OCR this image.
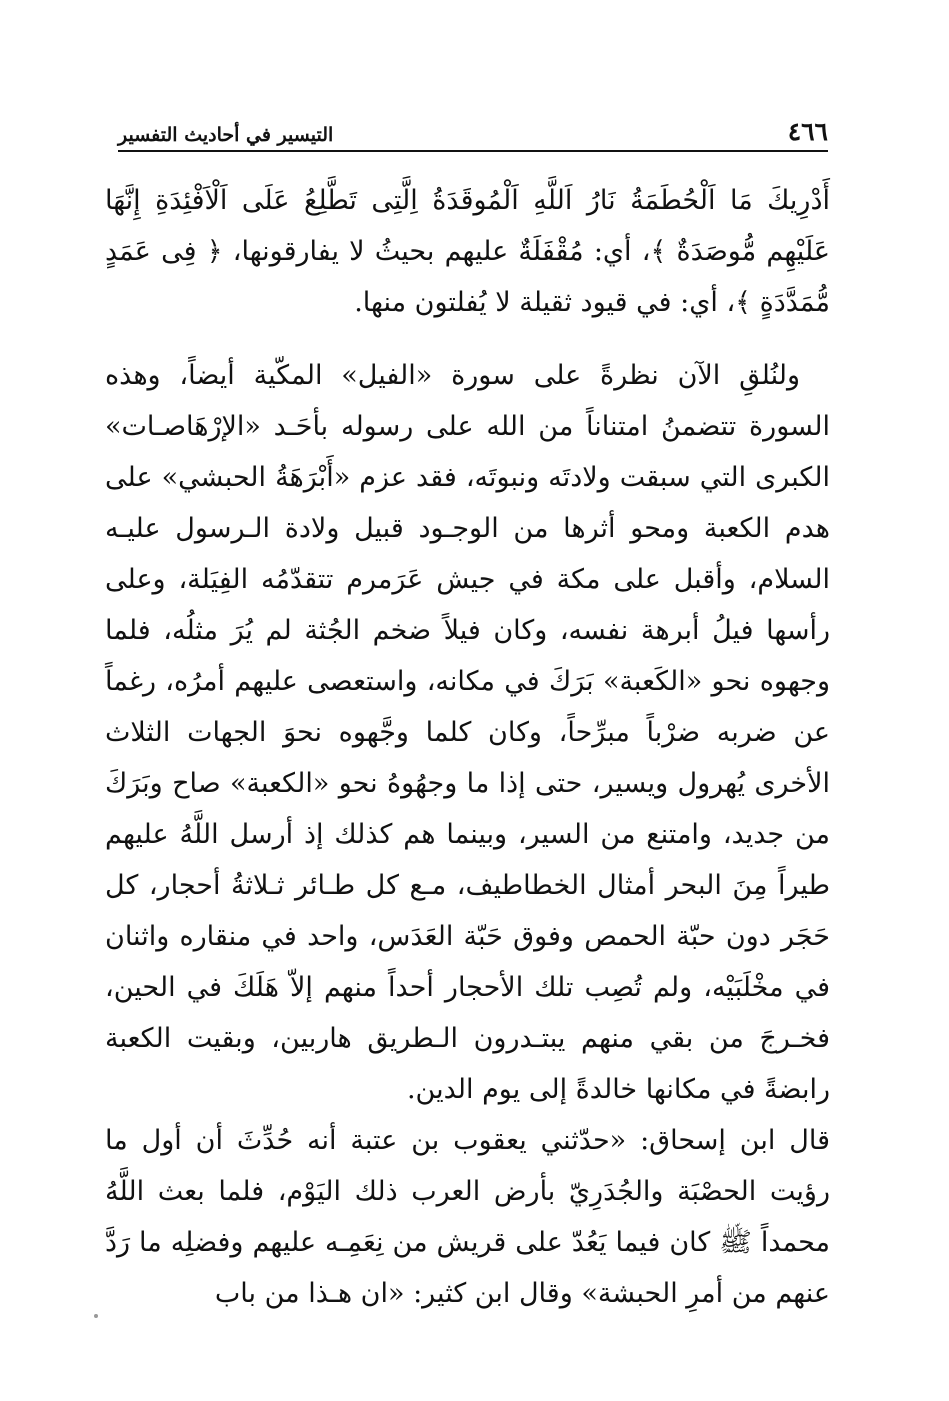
٤٦٦
التيسير في أحاديث التفسير

أَدْرِيكَ مَا اَلْحُطَمَةُ نَارُ اَللَّهِ اَلْمُوقَدَةُ اِلَّتِى تَطَّلِعُ عَلَى اَلْاَفْئِدَةِ إِنَّهَا عَلَيْهِم مُّوصَدَةٌ ﴾، أي: مُقْفَلَةٌ عليهم بحيثُ لا يفارقونها، ﴿ فِى عَمَدٍ مُّمَدَّدَةٍ ﴾، أي: في قيود ثقيلة لا يُفلتون منها.

ولنُلقِ الآن نظرةً على سورة «الفيل» المكّية أيضاً، وهذه السورة تتضمنُ امتناناً من الله على رسوله بأحَـد «الإرْهَاصـات» الكبرى التي سبقت ولادتَه ونبوتَه، فقد عزم «أَبْرَهَةُ الحبشي» على هدم الكعبة ومحو أثرها من الوجـود قبيل ولادة الـرسول عليـه السلام، وأقبل على مكة في جيش عَرَمرم تتقدّمُه الفِيَلة، وعلى رأسها فيلُ أبرهة نفسه، وكان فيلاً ضخم الجُثة لم يُرَ مثلُه، فلما وجهوه نحو «الكَعبة» بَرَكَ في مكانه، واستعصى عليهم أمرُه، رغماً عن ضربه ضرْباً مبرِّحاً، وكان كلما وجَّهوه نحوَ الجهات الثلاث الأخرى يُهرول ويسير، حتى إذا ما وجهُوهُ نحو «الكعبة» صاح وبَرَكَ من جديد، وامتنع من السير، وبينما هم كذلك إذ أرسل اللَّهُ عليهم طيراً مِنَ البحر أمثال الخطاطيف، مـع كل طـائر ثـلاثةُ أحجار، كل حَجَر دون حبّة الحمص وفوق حَبّة العَدَس، واحد في منقاره واثنان في مخْلَبَيْه، ولم تُصِب تلك الأحجار أحداً منهم إلاّ هَلَكَ في الحين، فخـرجَ من بقي منهم يبتـدرون الـطريق هاربين، وبقيت الكعبة رابضةً في مكانها خالدةً إلى يوم الدين.

قال ابن إسحاق: «حدّثني يعقوب بن عتبة أنه حُدِّثَ أن أول ما رؤيت الحصْبَة والجُدَرِيّ بأرض العرب ذلك اليَوْم، فلما بعث اللَّهُ محمداً ﷺ كان فيما يَعُدّ على قريش من نِعَمِـه عليهم وفضلِه ما رَدَّ عنهم من أمرِ الحبشة» وقال ابن كثير: «ان هـذا من باب
